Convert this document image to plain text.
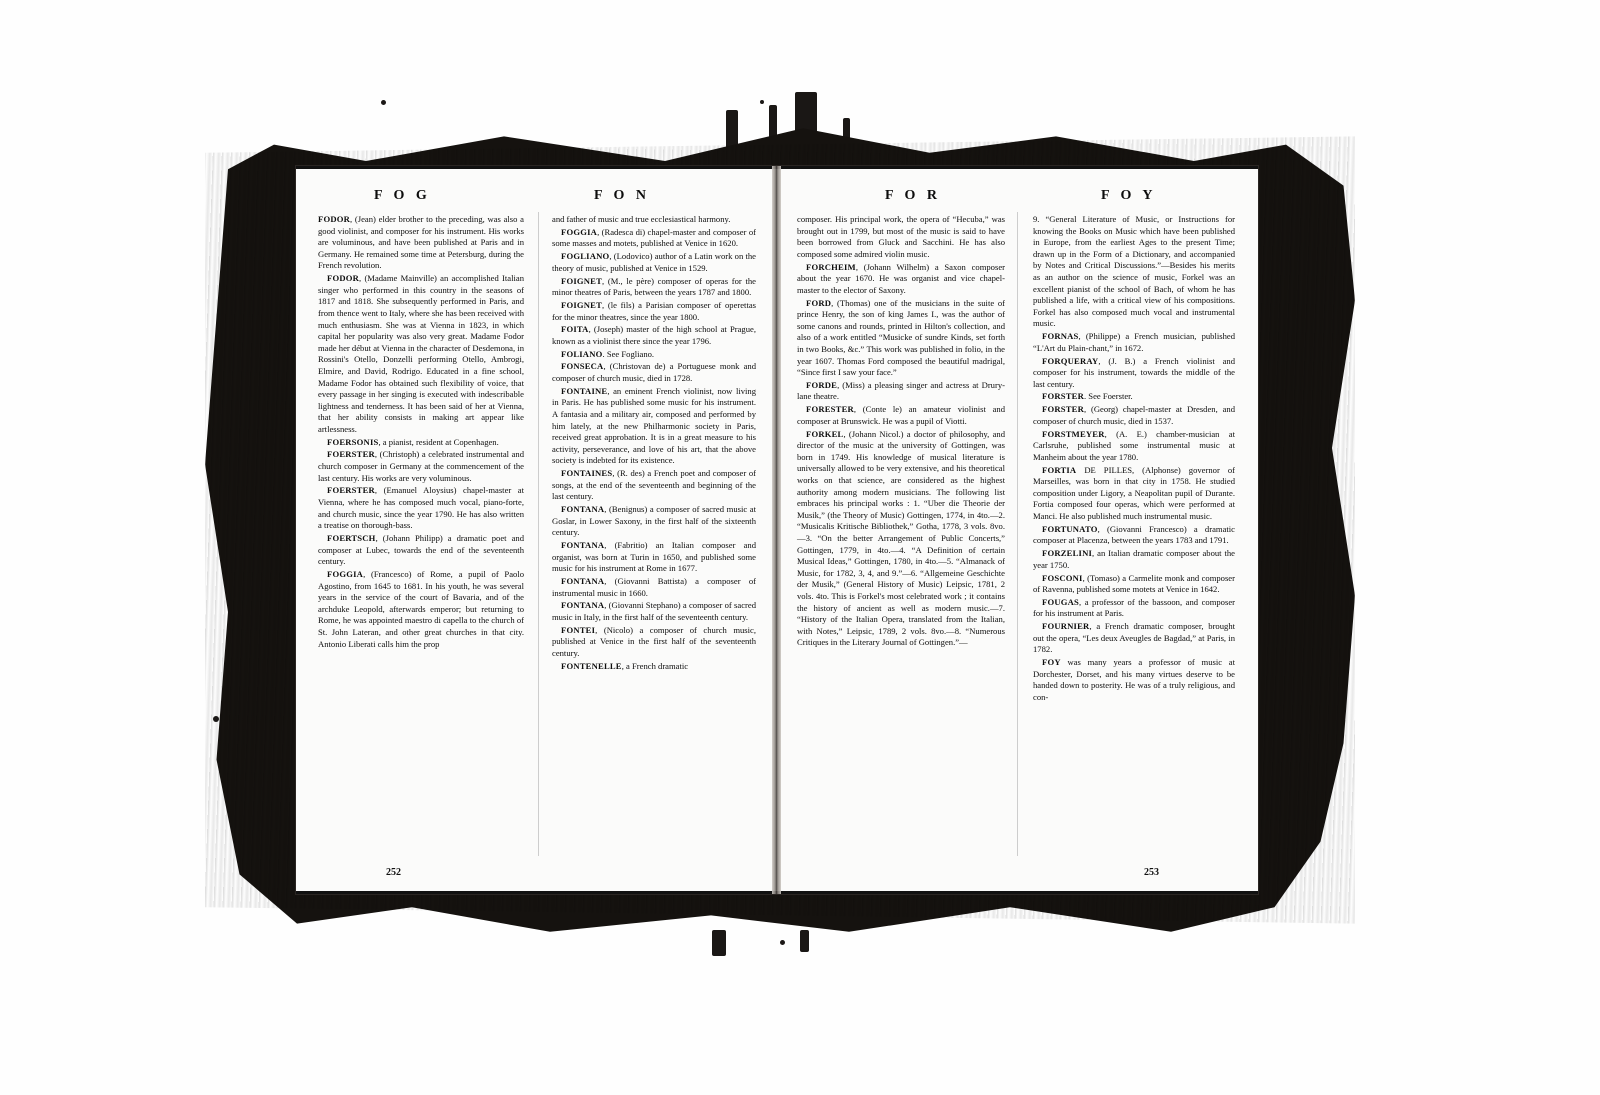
F O G	F O N

FODOR, (Jean) elder brother to the preceding, was also a good violinist, and composer for his instrument. His works are voluminous, and have been published at Paris and in Germany. He remained some time at Petersburg, during the French revolution.

FODOR, (Madame Mainville) an accomplished Italian singer who performed in this country in the seasons of 1817 and 1818. She subsequently performed in Paris, and from thence went to Italy, where she has been received with much enthusiasm. She was at Vienna in 1823, in which capital her popularity was also very great. Madame Fodor made her début at Vienna in the character of Desdemona, in Rossini's Otello, Donzelli performing Otello, Ambrogi, Elmire, and David, Rodrigo. Educated in a fine school, Madame Fodor has obtained such flexibility of voice, that every passage in her singing is executed with indescribable lightness and tenderness. It has been said of her at Vienna, that her ability consists in making art appear like artlessness.

FOERSONIS, a pianist, resident at Copenhagen.

FOERSTER, (Christoph) a celebrated instrumental and church composer in Germany at the commencement of the last century. His works are very voluminous.

FOERSTER, (Emanuel Aloysius) chapel-master at Vienna, where he has composed much vocal, piano-forte, and church music, since the year 1790. He has also written a treatise on thorough-bass.

FOERTSCH, (Johann Philipp) a dramatic poet and composer at Lubec, towards the end of the seventeenth century.

FOGGIA, (Francesco) of Rome, a pupil of Paolo Agostino, from 1645 to 1681. In his youth, he was several years in the service of the court of Bavaria, and of the archduke Leopold, afterwards emperor; but returning to Rome, he was appointed maestro di capella to the church of St. John Lateran, and other great churches in that city. Antonio Liberati calls him the prop

and father of music and true ecclesiastical harmony.

FOGGIA, (Radesca di) chapel-master and composer of some masses and motets, published at Venice in 1620.

FOGLIANO, (Lodovico) author of a Latin work on the theory of music, published at Venice in 1529.

FOIGNET, (M., le père) composer of operas for the minor theatres of Paris, between the years 1787 and 1800.

FOIGNET, (le fils) a Parisian composer of operettas for the minor theatres, since the year 1800.

FOITA, (Joseph) master of the high school at Prague, known as a violinist there since the year 1796.

FOLIANO. See Fogliano.

FONSECA, (Christovan de) a Portuguese monk and composer of church music, died in 1728.

FONTAINE, an eminent French violinist, now living in Paris. He has published some music for his instrument. A fantasia and a military air, composed and performed by him lately, at the new Philharmonic society in Paris, received great approbation. It is in a great measure to his activity, perseverance, and love of his art, that the above society is indebted for its existence.

FONTAINES, (R. des) a French poet and composer of songs, at the end of the seventeenth and beginning of the last century.

FONTANA, (Benignus) a composer of sacred music at Goslar, in Lower Saxony, in the first half of the sixteenth century.

FONTANA, (Fabritio) an Italian composer and organist, was born at Turin in 1650, and published some music for his instrument at Rome in 1677.

FONTANA, (Giovanni Battista) a composer of instrumental music in 1660.

FONTANA, (Giovanni Stephano) a composer of sacred music in Italy, in the first half of the seventeenth century.

FONTEI, (Nicolo) a composer of church music, published at Venice in the first half of the seventeenth century.

FONTENELLE, a French dramatic

252
F O R	F O Y

composer. His principal work, the opera of “Hecuba,” was brought out in 1799, but most of the music is said to have been borrowed from Gluck and Sacchini. He has also composed some admired violin music.

FORCHEIM, (Johann Wilhelm) a Saxon composer about the year 1670. He was organist and vice chapel-master to the elector of Saxony.

FORD, (Thomas) one of the musicians in the suite of prince Henry, the son of king James I., was the author of some canons and rounds, printed in Hilton's collection, and also of a work entitled “Musicke of sundre Kinds, set forth in two Books, &c.” This work was published in folio, in the year 1607. Thomas Ford composed the beautiful madrigal, “Since first I saw your face.”

FORDE, (Miss) a pleasing singer and actress at Drury-lane theatre.

FORESTER, (Conte le) an amateur violinist and composer at Brunswick. He was a pupil of Viotti.

FORKEL, (Johann Nicol.) a doctor of philosophy, and director of the music at the university of Gottingen, was born in 1749. His knowledge of musical literature is universally allowed to be very extensive, and his theoretical works on that science, are considered as the highest authority among modern musicians. The following list embraces his principal works : 1. “Uber die Theorie der Musik,” (the Theory of Music) Gottingen, 1774, in 4to.—2. “Musicalis Kritische Bibliothek,” Gotha, 1778, 3 vols. 8vo.—3. “On the better Arrangement of Public Concerts,” Gottingen, 1779, in 4to.—4. “A Definition of certain Musical Ideas,” Gottingen, 1780, in 4to.—5. “Almanack of Music, for 1782, 3, 4, and 9.”—6. “Allgemeine Geschichte der Musik,” (General History of Music) Leipsic, 1781, 2 vols. 4to. This is Forkel's most celebrated work ; it contains the history of ancient as well as modern music.—7. “History of the Italian Opera, translated from the Italian, with Notes,” Leipsic, 1789, 2 vols. 8vo.—8. “Numerous Critiques in the Literary Journal of Gottingen.”—

9. “General Literature of Music, or Instructions for knowing the Books on Music which have been published in Europe, from the earliest Ages to the present Time; drawn up in the Form of a Dictionary, and accompanied by Notes and Critical Discussions.”—Besides his merits as an author on the science of music, Forkel was an excellent pianist of the school of Bach, of whom he has published a life, with a critical view of his compositions. Forkel has also composed much vocal and instrumental music.

FORNAS, (Philippe) a French musician, published “L'Art du Plain-chant,” in 1672.

FORQUERAY, (J. B.) a French violinist and composer for his instrument, towards the middle of the last century.

FORSTER. See Foerster.

FORSTER, (Georg) chapel-master at Dresden, and composer of church music, died in 1537.

FORSTMEYER, (A. E.) chamber-musician at Carlsruhe, published some instrumental music at Manheim about the year 1780.

FORTIA DE PILLES, (Alphonse) governor of Marseilles, was born in that city in 1758. He studied composition under Ligory, a Neapolitan pupil of Durante. Fortia composed four operas, which were performed at Manci. He also published much instrumental music.

FORTUNATO, (Giovanni Francesco) a dramatic composer at Placenza, between the years 1783 and 1791.

FORZELINI, an Italian dramatic composer about the year 1750.

FOSCONI, (Tomaso) a Carmelite monk and composer of Ravenna, published some motets at Venice in 1642.

FOUGAS, a professor of the bassoon, and composer for his instrument at Paris.

FOURNIER, a French dramatic composer, brought out the opera, “Les deux Aveugles de Bagdad,” at Paris, in 1782.

FOY was many years a professor of music at Dorchester, Dorset, and his many virtues deserve to be handed down to posterity. He was of a truly religious, and con-

253
